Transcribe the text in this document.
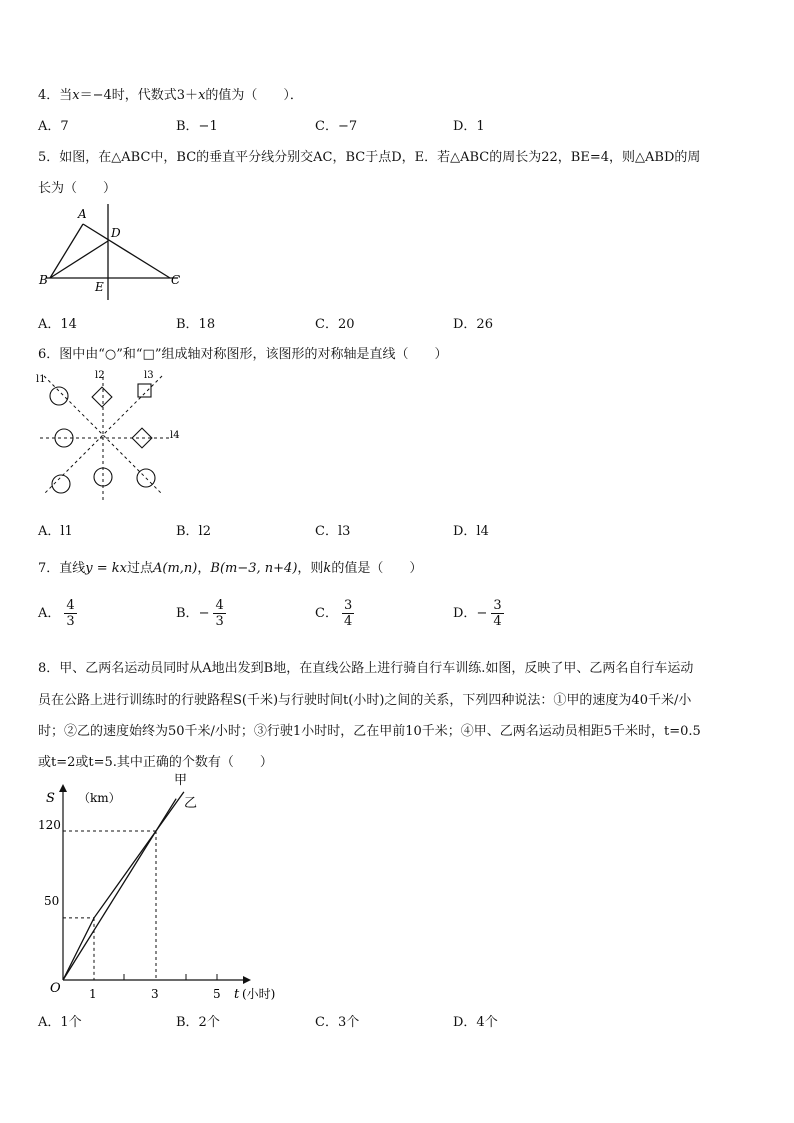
4．当x＝−4时，代数式3＋x的值为（　　）．
A．7	B．−1	C．−7	D．1
5．如图，在△ABC中，BC的垂直平分线分别交AC，BC于点D，E．若△ABC的周长为22，BE=4，则△ABD的周
长为（　　）
A
D
B	C
E
A．14	B．18	C．20	D．26
6．图中由“○”和“□”组成轴对称图形，该图形的对称轴是直线（　　）
l1	l2	l3
l4
A．l1	B．l2	C．l3	D．l4
7．直线y = kx过点A(m,n)，B(m−3, n+4)，则k的值是（　　）
A． $\frac{4}{3}$	B．− $\frac{4}{3}$	C． $\frac{3}{4}$	D．− $\frac{3}{4}$
8．甲、乙两名运动员同时从A地出发到B地，在直线公路上进行骑自行车训练.如图，反映了甲、乙两名自行车运动
员在公路上进行训练时的行驶路程S(千米)与行驶时间t(小时)之间的关系，下列四种说法：①甲的速度为40千米/小
时；②乙的速度始终为50千米/小时；③行驶1小时时，乙在甲前10千米；④甲、乙两名运动员相距5千米时，t=0.5
或t=2或t=5.其中正确的个数有（　　）
S （km）
t (小时)
O
120
50
1	3	5
甲
乙
A．1个	B．2个	C．3个	D．4个
